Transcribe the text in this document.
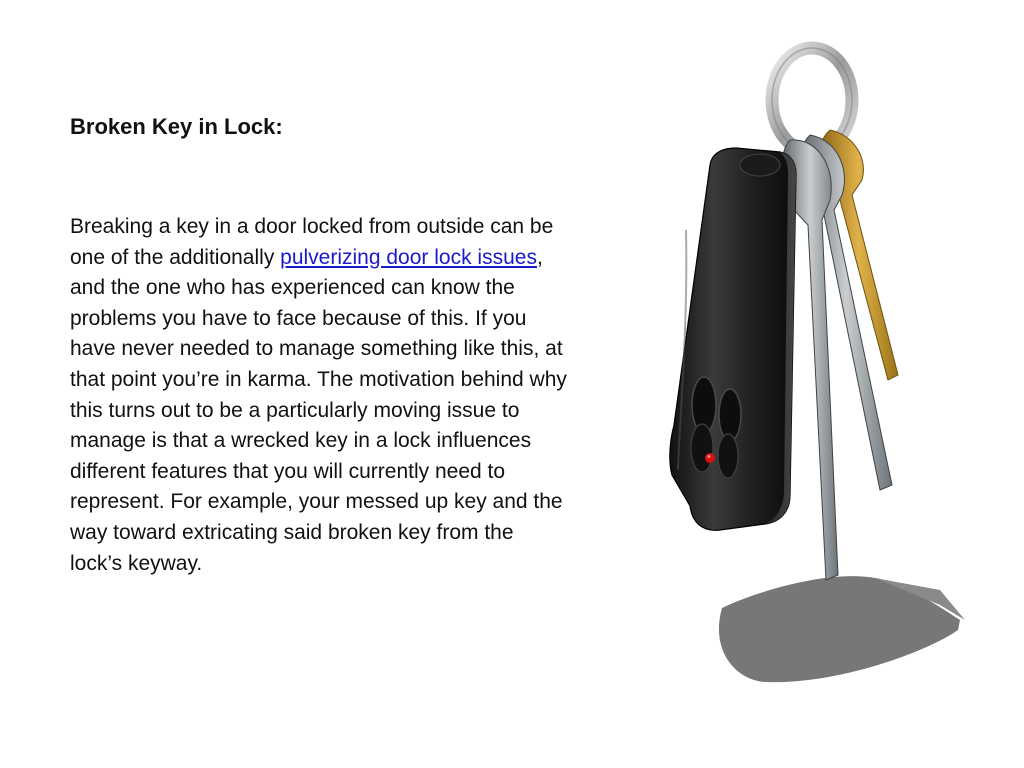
Broken Key in Lock:

Breaking a key in a door locked from outside can be one of the additionally pulverizing door lock issues, and the one who has experienced can know the problems you have to face because of this. If you have never needed to manage something like this, at that point you’re in karma. The motivation behind why this turns out to be a particularly moving issue to manage is that a wrecked key in a lock influences different features that you will currently need to represent. For example, your messed up key and the way toward extricating said broken key from the lock’s keyway.
